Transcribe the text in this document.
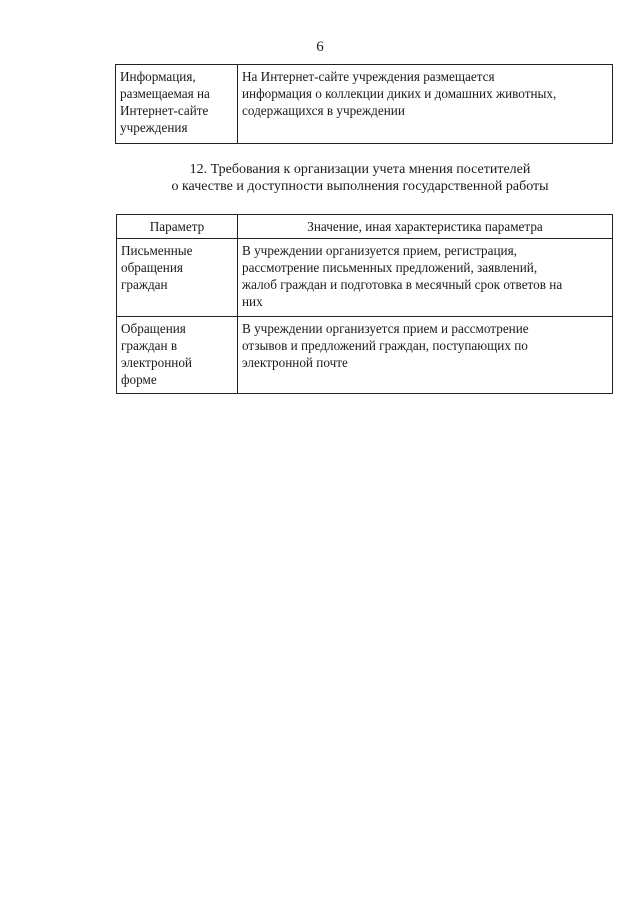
6
Информация,
размещаемая на
Интернет-сайте
учреждения	На Интернет-сайте учреждения размещается
информация о коллекции диких и домашних животных,
содержащихся в учреждении
12. Требования к организации учета мнения посетителей
о качестве и доступности выполнения государственной работы
Параметр	Значение, иная характеристика параметра
Письменные
обращения
граждан	В учреждении организуется прием, регистрация,
рассмотрение письменных предложений, заявлений,
жалоб граждан и подготовка в месячный срок ответов на
них
Обращения
граждан в
электронной
форме	В учреждении организуется прием и рассмотрение
отзывов и предложений граждан, поступающих по
электронной почте
